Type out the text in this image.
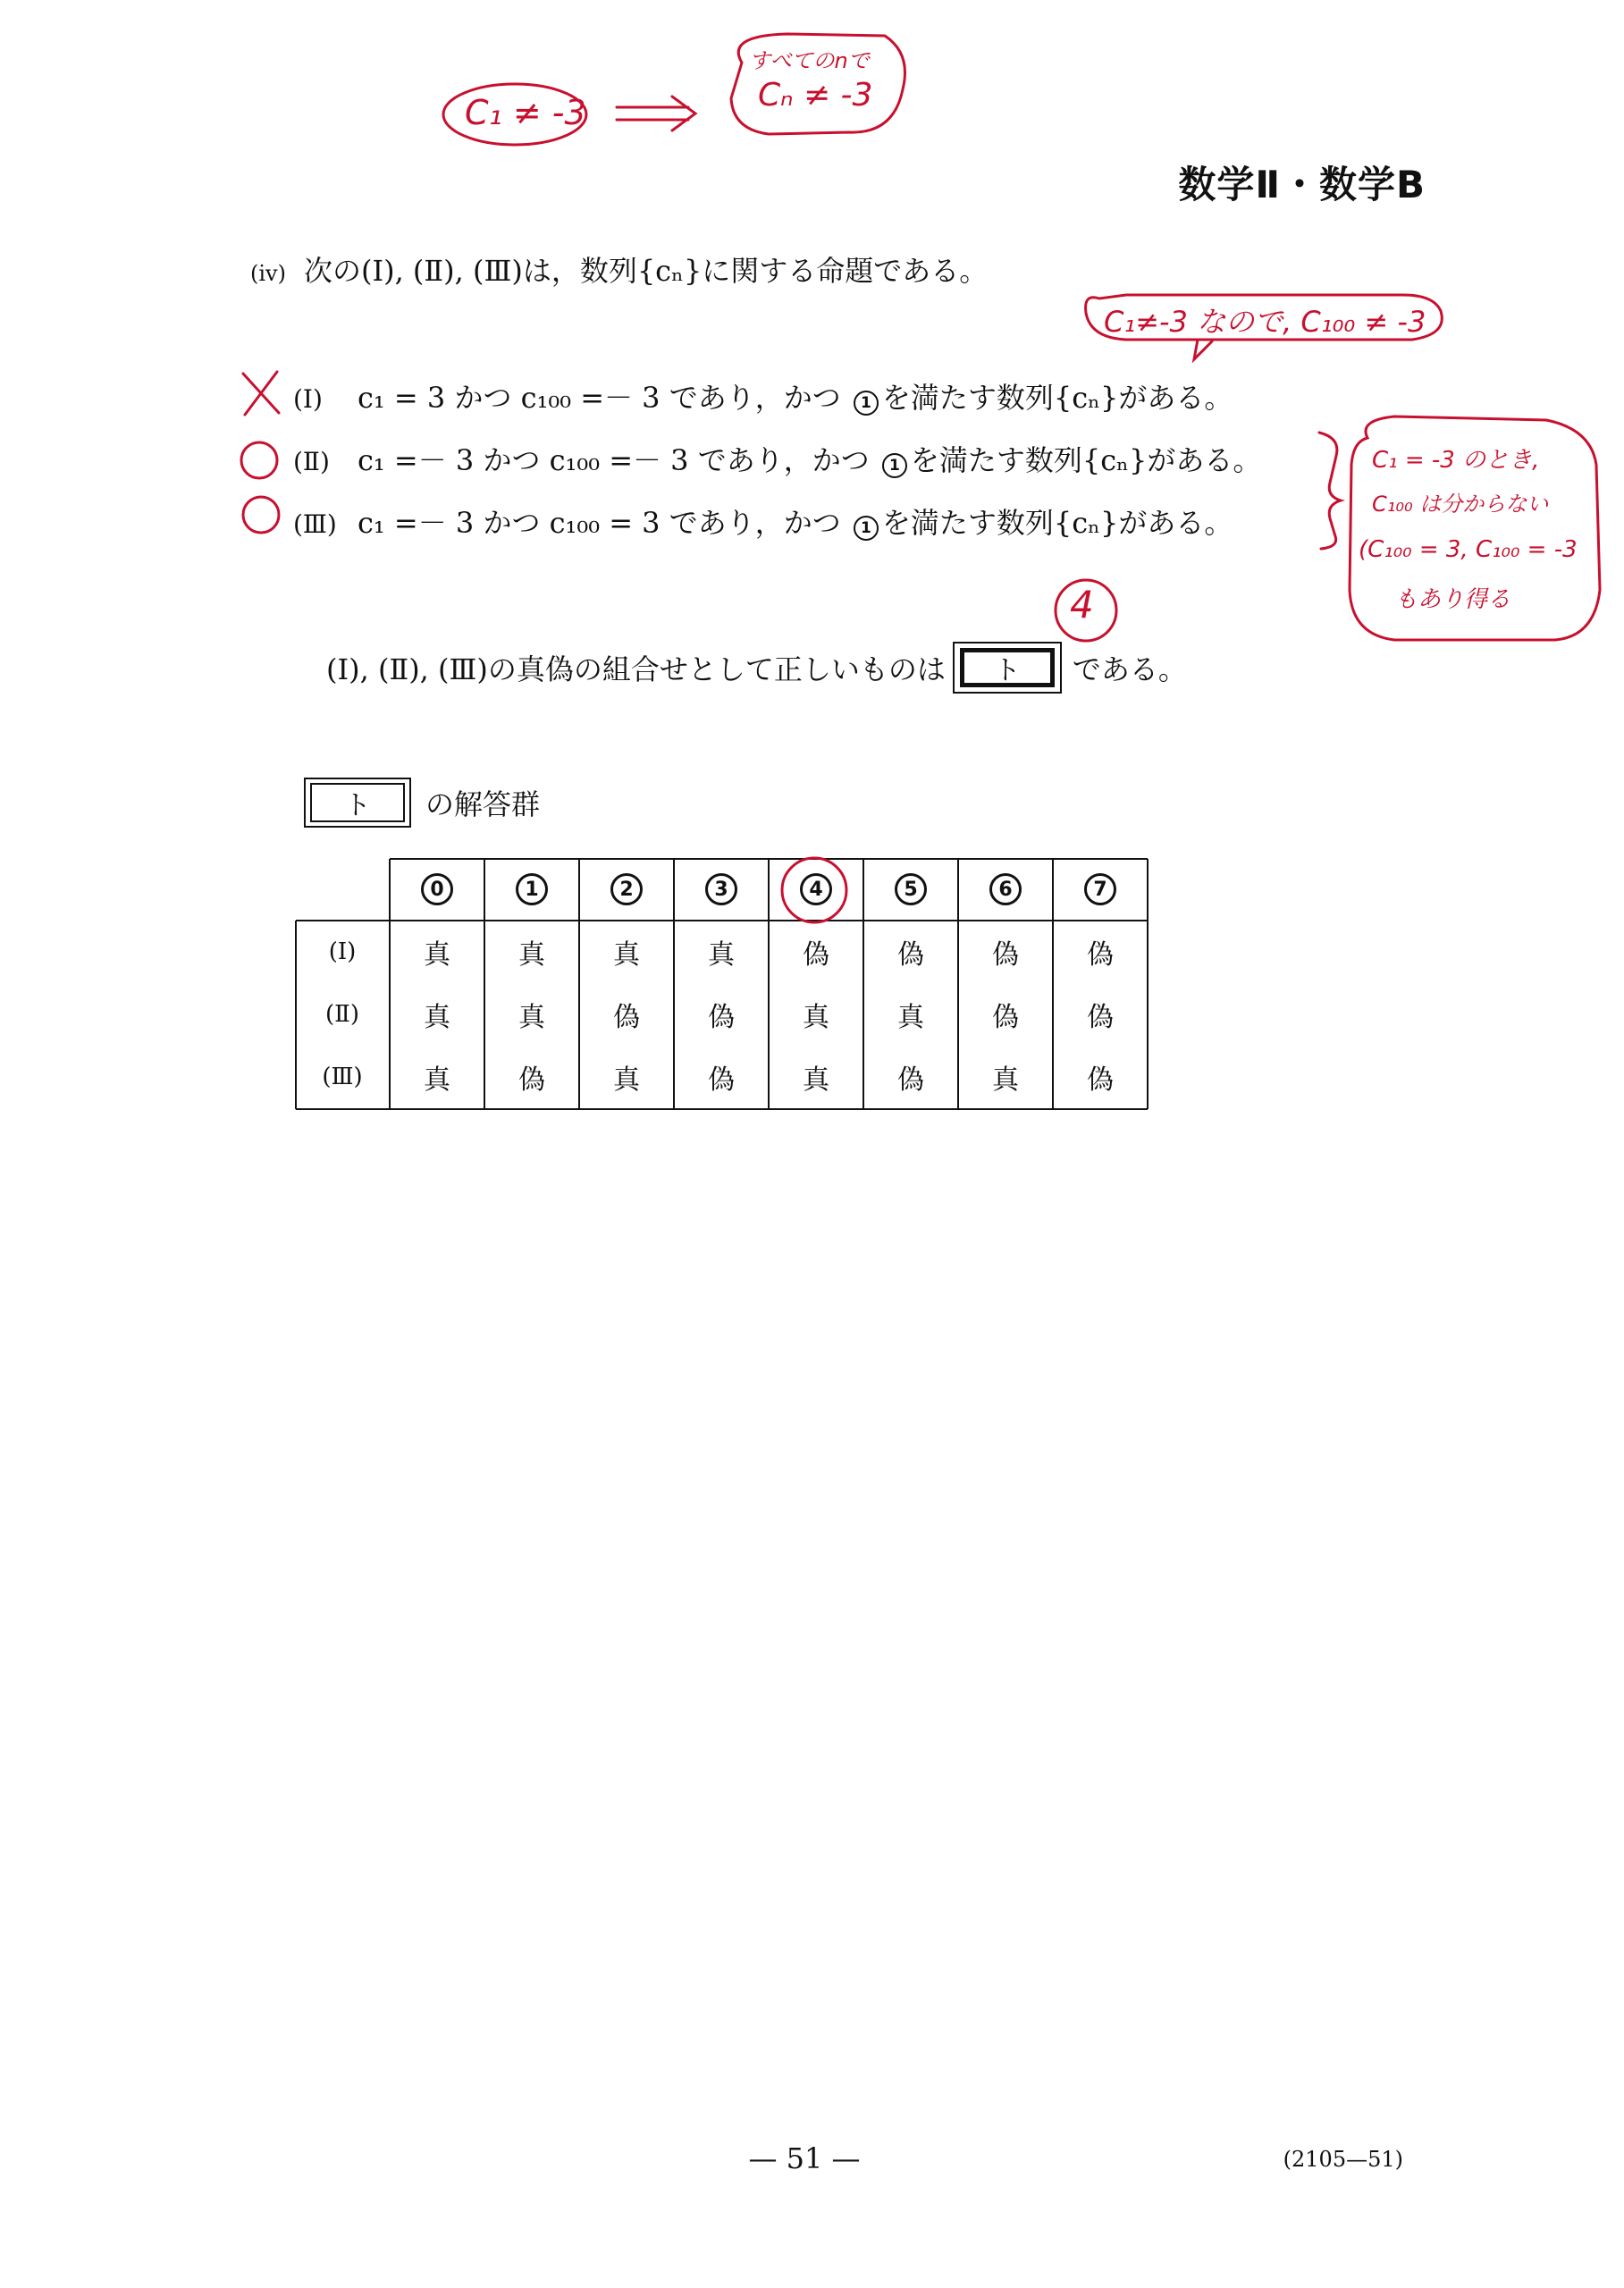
数学Ⅱ・数学B
(iv) 次の(Ⅰ), (Ⅱ), (Ⅲ)は，数列{cₙ}に関する命題である。
(Ⅰ) c₁ = 3 かつ c₁₀₀ =－ 3 であり，かつ 1 を満たす数列{cₙ}がある。
(Ⅱ) c₁ =－ 3 かつ c₁₀₀ =－ 3 であり，かつ 1 を満たす数列{cₙ}がある。
(Ⅲ) c₁ =－ 3 かつ c₁₀₀ = 3 であり，かつ 1 を満たす数列{cₙ}がある。
(Ⅰ), (Ⅱ), (Ⅲ)の真偽の組合せとして正しいものは	ト	である。
ト	の解答群
0	1	2	3	4	5	6	7
(Ⅰ)	真	真	真	真	偽	偽	偽	偽
(Ⅱ)	真	真	偽	偽	真	真	偽	偽
(Ⅲ)	真	偽	真	偽	真	偽	真	偽
— 51 —	(2105—51)
C₁ ≠ -3
すべてのnで
Cₙ ≠ -3
C₁≠-3 なので, C₁₀₀ ≠ -3
4
C₁ = -3 のとき,
C₁₀₀ は分からない
(C₁₀₀ = 3, C₁₀₀ = -3
もあり得る
